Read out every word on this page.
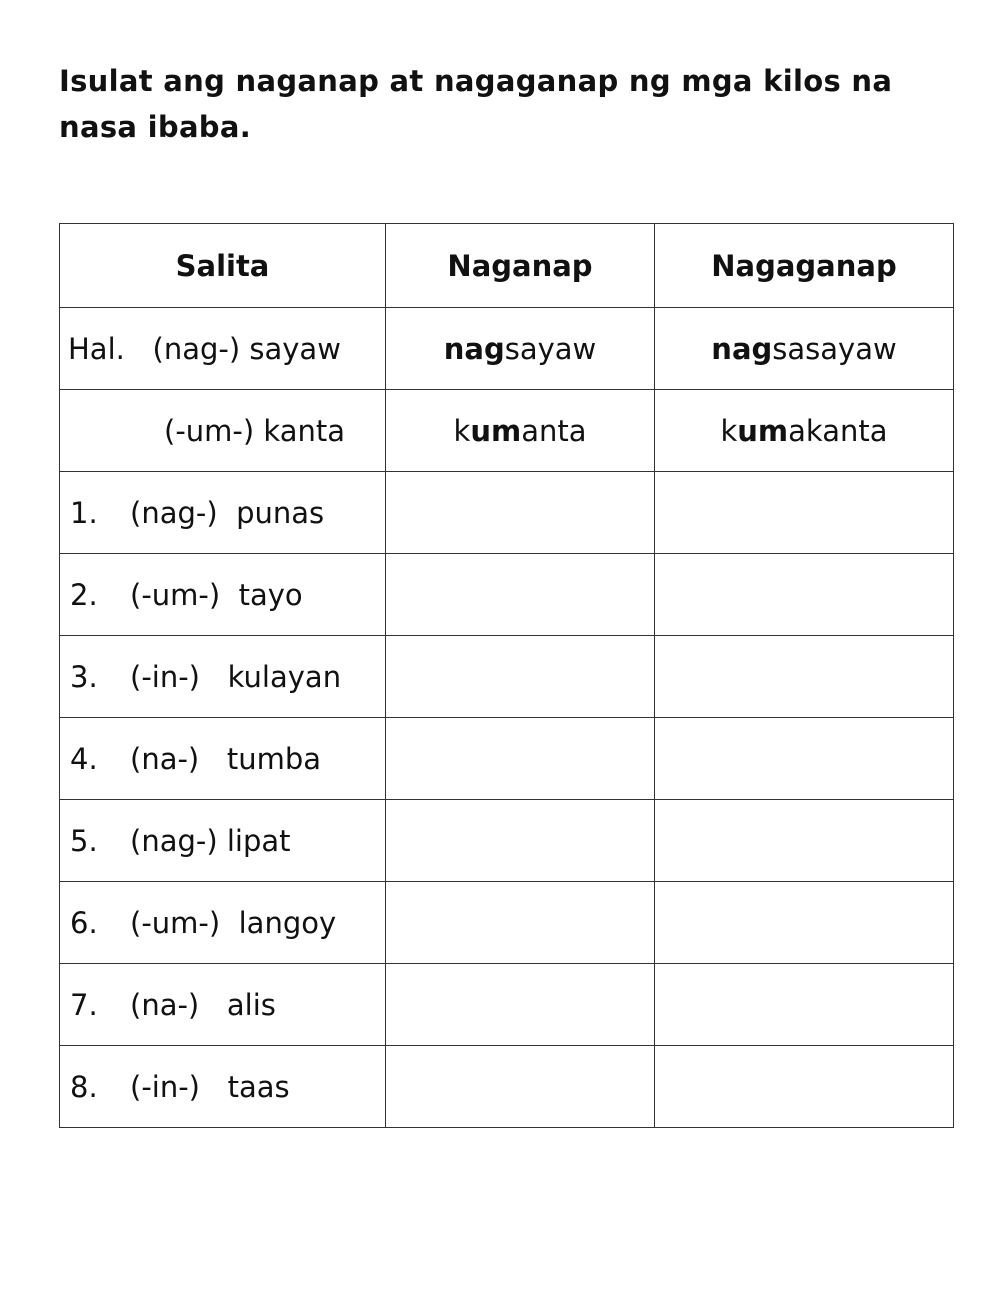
Isulat ang naganap at nagaganap ng mga kilos na nasa ibaba.

Salita	Naganap	Nagaganap
Hal.   (nag-) sayaw	nagsayaw	nagsasayaw
(-um-) kanta	kumanta	kumakanta
1. (nag-)  punas		
2. (-um-)  tayo		
3. (-in-)   kulayan		
4. (na-)   tumba		
5. (nag-) lipat		
6. (-um-)  langoy		
7. (na-)   alis		
8. (-in-)   taas		
